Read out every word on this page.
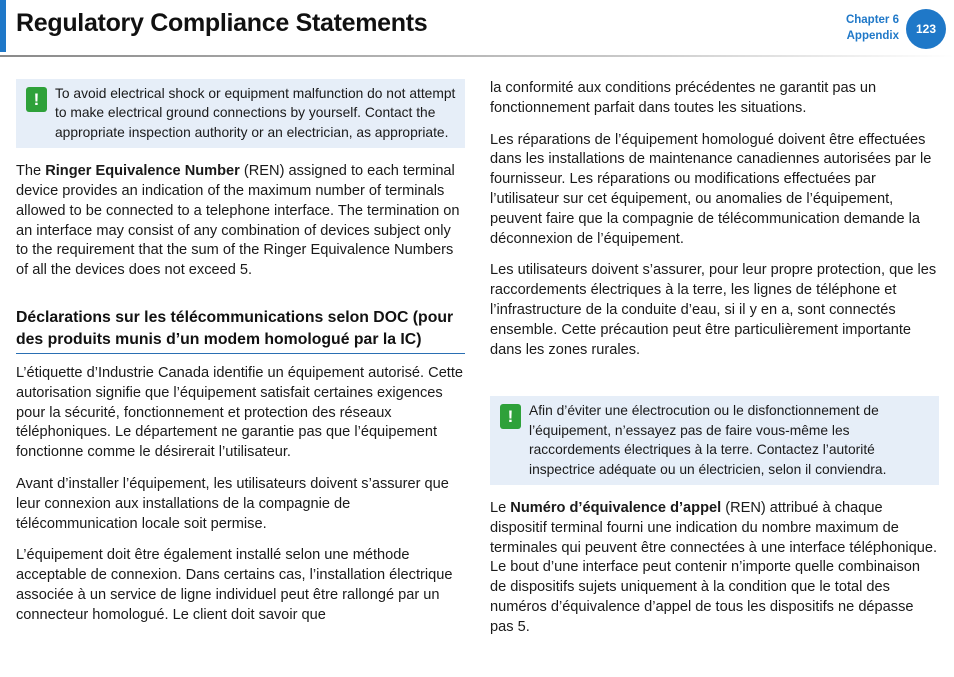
Regulatory Compliance Statements	Chapter 6
Appendix	123
!	To avoid electrical shock or equipment malfunction do not attempt to make electrical ground connections by yourself. Contact the appropriate inspection authority or an electrician, as appropriate.

The Ringer Equivalence Number (REN) assigned to each terminal device provides an indication of the maximum number of terminals allowed to be connected to a telephone interface. The termination on an interface may consist of any combination of devices subject only to the requirement that the sum of the Ringer Equivalence Numbers of all the devices does not exceed 5.

Déclarations sur les télécommunications selon DOC (pour des produits munis d’un modem homologué par la IC)

L’étiquette d’Industrie Canada identifie un équipement autorisé. Cette autorisation signifie que l’équipement satisfait certaines exigences pour la sécurité, fonctionnement et protection des réseaux téléphoniques. Le département ne garantie pas que l’équipement fonctionne comme le désirerait l’utilisateur.

Avant d’installer l’équipement, les utilisateurs doivent s’assurer que leur connexion aux installations de la compagnie de télécommunication locale soit permise.

L’équipement doit être également installé selon une méthode acceptable de connexion. Dans certains cas, l’installation électrique associée à un service de ligne individuel peut être rallongé par un connecteur homologué. Le client doit savoir que

la conformité aux conditions précédentes ne garantit pas un fonctionnement parfait dans toutes les situations.

Les réparations de l’équipement homologué doivent être effectuées dans les installations de maintenance canadiennes autorisées par le fournisseur. Les réparations ou modifications effectuées par l’utilisateur sur cet équipement, ou anomalies de l’équipement, peuvent faire que la compagnie de télécommunication demande la déconnexion de l’équipement.

Les utilisateurs doivent s’assurer, pour leur propre protection, que les raccordements électriques à la terre, les lignes de téléphone et l’infrastructure de la conduite d’eau, si il y en a, sont connectés ensemble. Cette précaution peut être particulièrement importante dans les zones rurales.

!	Afin d’éviter une électrocution ou le disfonctionnement de l’équipement, n’essayez pas de faire vous-même les raccordements électriques à la terre. Contactez l’autorité inspectrice adéquate ou un électricien, selon il conviendra.

Le Numéro d’équivalence d’appel (REN) attribué à chaque dispositif terminal fourni une indication du nombre maximum de terminales qui peuvent être connectées à une interface téléphonique. Le bout d’une interface peut contenir n’importe quelle combinaison de dispositifs sujets uniquement à la condition que le total des numéros d’équivalence d’appel de tous les dispositifs ne dépasse pas 5.
